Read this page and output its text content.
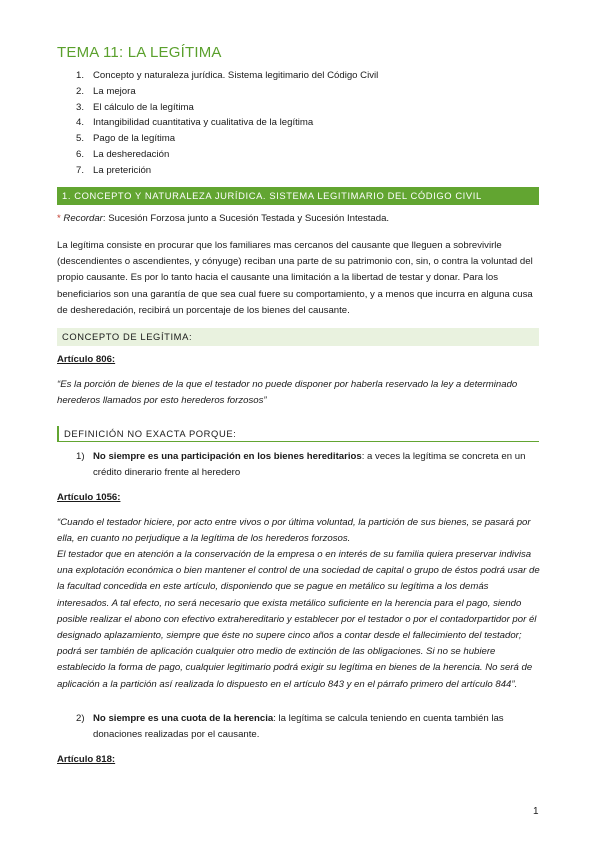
TEMA 11: LA LEGÍTIMA
1. Concepto y naturaleza jurídica. Sistema legitimario del Código Civil
2. La mejora
3. El cálculo de la legítima
4. Intangibilidad cuantitativa y cualitativa de la legítima
5. Pago de la legítima
6. La desheredación
7. La preterición
1. CONCEPTO Y NATURALEZA JURÍDICA. SISTEMA LEGITIMARIO DEL CÓDIGO CIVIL
* Recordar: Sucesión Forzosa junto a Sucesión Testada y Sucesión Intestada.
La legítima consiste en procurar que los familiares mas cercanos del causante que lleguen a sobrevivirle (descendientes o ascendientes, y cónyuge) reciban una parte de su patrimonio con, sin, o contra la voluntad del propio causante. Es por lo tanto hacia el causante una limitación a la libertad de testar y donar. Para los beneficiarios son una garantía de que sea cual fuere su comportamiento, y a menos que incurra en alguna cusa de desheredación, recibirá un porcentaje de los bienes del causante.
CONCEPTO DE LEGÍTIMA:
Artículo 806:
“Es la porción de bienes de la que el testador no puede disponer por haberla reservado la ley a determinado herederos llamados por esto herederos forzosos”
DEFINICIÓN NO EXACTA PORQUE:
1) No siempre es una participación en los bienes hereditarios: a veces la legítima se concreta en un crédito dinerario frente al heredero
Artículo 1056:
“Cuando el testador hiciere, por acto entre vivos o por última voluntad, la partición de sus bienes, se pasará por ella, en cuanto no perjudique a la legítima de los herederos forzosos.
El testador que en atención a la conservación de la empresa o en interés de su familia quiera preservar indivisa una explotación económica o bien mantener el control de una sociedad de capital o grupo de éstos podrá usar de la facultad concedida en este artículo, disponiendo que se pague en metálico su legítima a los demás interesados. A tal efecto, no será necesario que exista metálico suficiente en la herencia para el pago, siendo posible realizar el abono con efectivo extrahereditario y establecer por el testador o por el contadorpartidor por él designado aplazamiento, siempre que éste no supere cinco años a contar desde el fallecimiento del testador; podrá ser también de aplicación cualquier otro medio de extinción de las obligaciones. Si no se hubiere establecido la forma de pago, cualquier legitimario podrá exigir su legítima en bienes de la herencia. No será de aplicación a la partición así realizada lo dispuesto en el artículo 843 y en el párrafo primero del artículo 844”.
2) No siempre es una cuota de la herencia: la legítima se calcula teniendo en cuenta también las donaciones realizadas por el causante.
Artículo 818:
1
